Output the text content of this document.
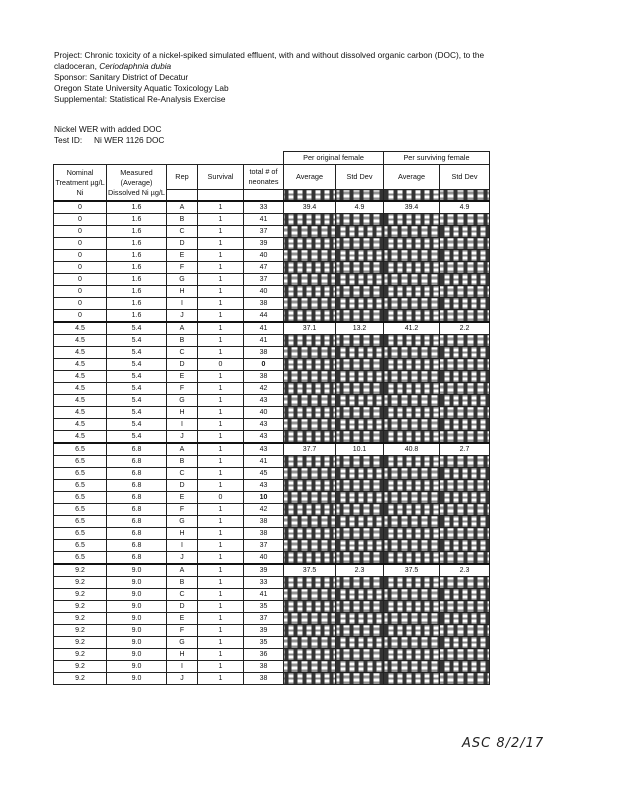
Project: Chronic toxicity of a nickel-spiked simulated effluent, with and without dissolved organic carbon (DOC), to the
cladoceran, Ceriodaphnia dubia
Sponsor: Sanitary District of Decatur
Oregon State University Aquatic Toxicology Lab
Supplemental: Statistical Re-Analysis Exercise
Nickel WER with added DOC
Test ID: Ni WER 1126 DOC
					Per original female		Per surviving female	
Nominal Treatment µg/L Ni	Measured (Average) Dissolved Ni µg/L	Rep	Survival	total # of neonates	Average	Std Dev	Average	Std Dev

0	1.6	A	1	33	39.4	4.9	39.4	4.9
0	1.6	B	1	41				
0	1.6	C	1	37				
0	1.6	D	1	39				
0	1.6	E	1	40				
0	1.6	F	1	47				
0	1.6	G	1	37				
0	1.6	H	1	40				
0	1.6	I	1	38				
0	1.6	J	1	44				
4.5	5.4	A	1	41	37.1	13.2	41.2	2.2
4.5	5.4	B	1	41				
4.5	5.4	C	1	38				
4.5	5.4	D	0	0				
4.5	5.4	E	1	38				
4.5	5.4	F	1	42				
4.5	5.4	G	1	43				
4.5	5.4	H	1	40				
4.5	5.4	I	1	43				
4.5	5.4	J	1	43				
6.5	6.8	A	1	43	37.7	10.1	40.8	2.7
6.5	6.8	B	1	41				
6.5	6.8	C	1	45				
6.5	6.8	D	1	43				
6.5	6.8	E	0	10				
6.5	6.8	F	1	42				
6.5	6.8	G	1	38				
6.5	6.8	H	1	38				
6.5	6.8	I	1	37				
6.5	6.8	J	1	40				
9.2	9.0	A	1	39	37.5	2.3	37.5	2.3
9.2	9.0	B	1	33				
9.2	9.0	C	1	41				
9.2	9.0	D	1	35				
9.2	9.0	E	1	37				
9.2	9.0	F	1	39				
9.2	9.0	G	1	35				
9.2	9.0	H	1	36				
9.2	9.0	I	1	38				
9.2	9.0	J	1	38				
ASC 8/2/17
